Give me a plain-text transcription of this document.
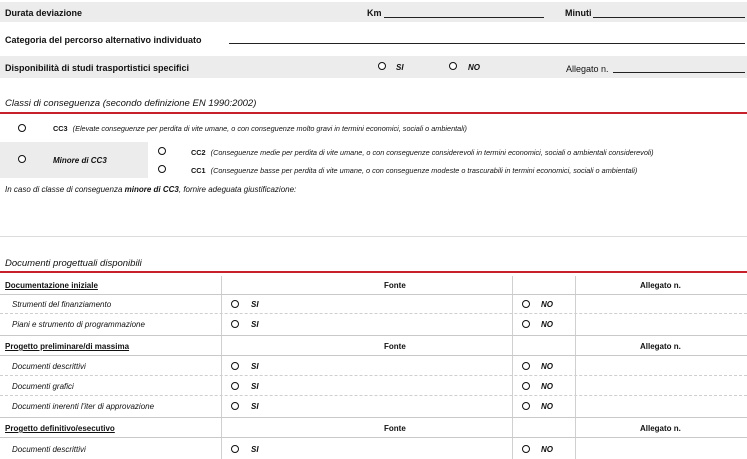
Durata deviazione	Km	Minuti
Categoria del percorso alternativo individuato
Disponibilità di studi trasportistici specifici	SI	NO	Allegato n.
Classi di conseguenza (secondo definizione EN 1990:2002)
CC3 (Elevate conseguenze per perdita di vite umane, o con conseguenze molto gravi in termini economici, sociali o ambientali)
Minore di CC3
CC2 (Conseguenze medie per perdita di vite umane, o con conseguenze considerevoli in termini economici, sociali o ambientali considerevoli)
CC1 (Conseguenze basse per perdita di vite umane, o con conseguenze modeste o trascurabili in termini economici, sociali o ambientali)
In caso di classe di conseguenza minore di CC3, fornire adeguata giustificazione:
Documenti progettuali disponibili
Documentazione iniziale	Fonte	Allegato n.
Strumenti del finanziamento	SI	NO
Piani e strumento di programmazione	SI	NO
Progetto preliminare/di massima	Fonte	Allegato n.
Documenti descrittivi	SI	NO
Documenti grafici	SI	NO
Documenti inerenti l'iter di approvazione	SI	NO
Progetto definitivo/esecutivo	Fonte	Allegato n.
Documenti descrittivi	SI	NO
